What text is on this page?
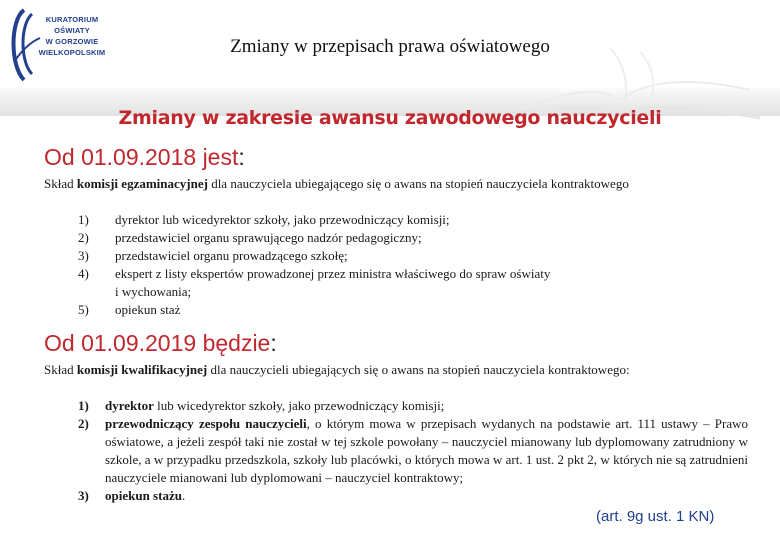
KURATORIUM
OŚWIATY
W GORZOWIE
WIELKOPOLSKIM	Zmiany w przepisach prawa oświatowego
Zmiany w zakresie awansu zawodowego nauczycieli
Od 01.09.2018 jest:
Skład komisji egzaminacyjnej dla nauczyciela ubiegającego się o awans na stopień nauczyciela kontraktowego
1) dyrektor lub wicedyrektor szkoły, jako przewodniczący komisji;
2) przedstawiciel organu sprawującego nadzór pedagogiczny;
3) przedstawiciel organu prowadzącego szkołę;
4) ekspert z listy ekspertów prowadzonej przez ministra właściwego do spraw oświaty
i wychowania;
5) opiekun staż
Od 01.09.2019 będzie:
Skład komisji kwalifikacyjnej dla nauczycieli ubiegających się o awans na stopień nauczyciela kontraktowego:
1) dyrektor lub wicedyrektor szkoły, jako przewodniczący komisji;
2) przewodniczący zespołu nauczycieli, o którym mowa w przepisach wydanych na podstawie art. 111 ustawy – Prawo oświatowe, a jeżeli zespół taki nie został w tej szkole powołany – nauczyciel mianowany lub dyplomowany zatrudniony w szkole, a w przypadku przedszkola, szkoły lub placówki, o których mowa w art. 1 ust. 2 pkt 2, w których nie są zatrudnieni nauczyciele mianowani lub dyplomowani – nauczyciel kontraktowy;
3) opiekun stażu.
(art. 9g ust. 1 KN)
